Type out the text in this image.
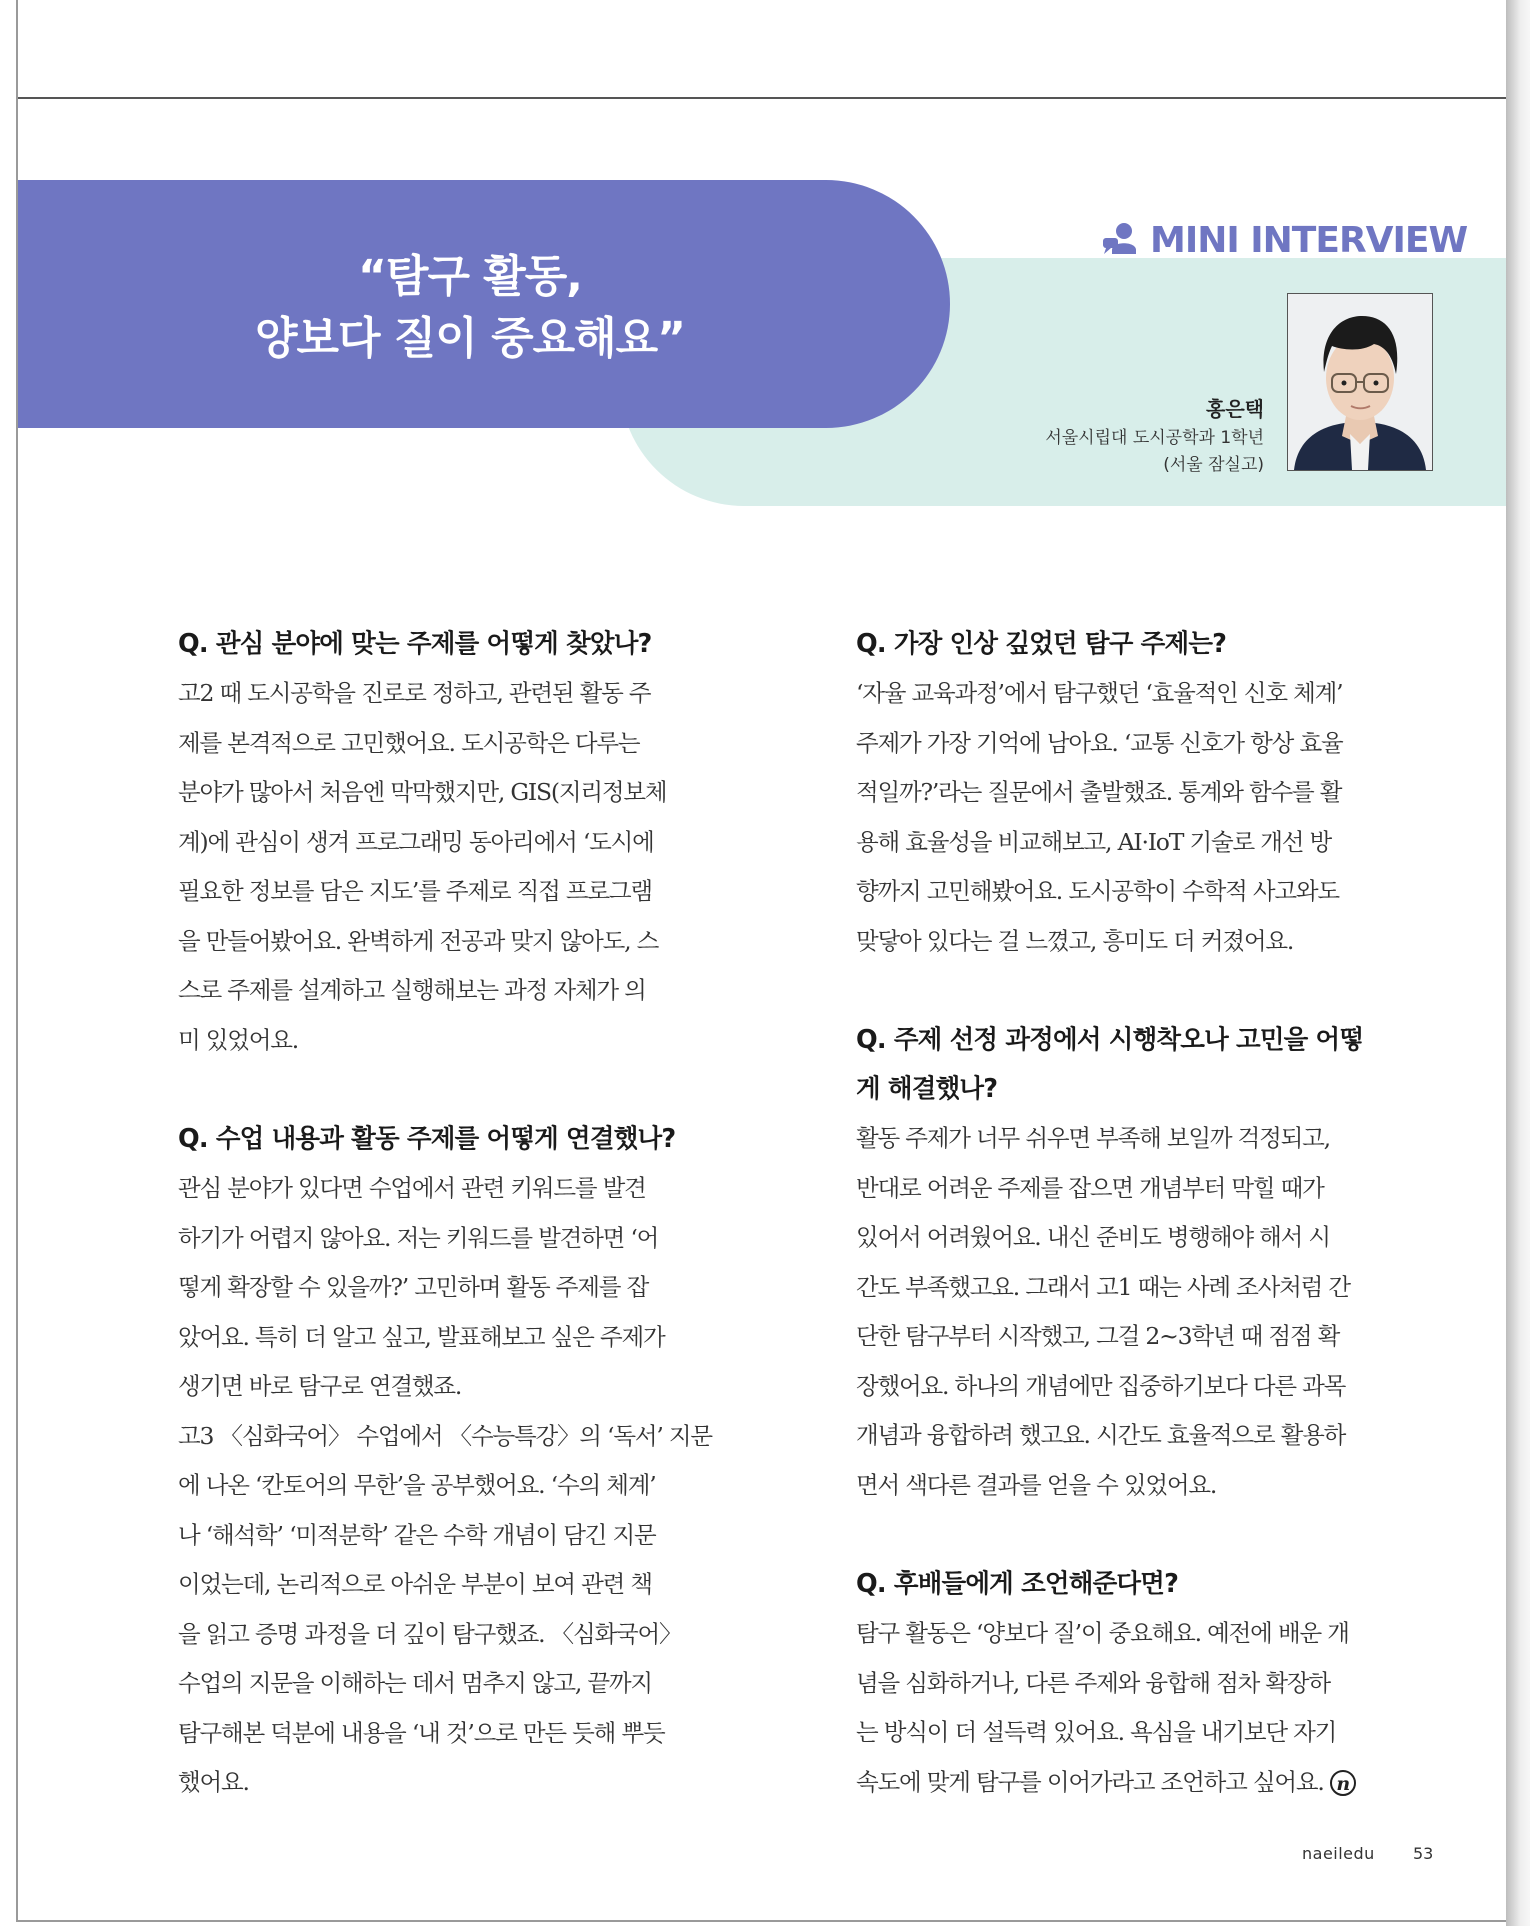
“탐구 활동,
양보다 질이 중요해요”
MINI INTERVIEW
홍은택
서울시립대 도시공학과 1학년
(서울 잠실고)
Q. 관심 분야에 맞는 주제를 어떻게 찾았나?
고2 때 도시공학을 진로로 정하고, 관련된 활동 주
제를 본격적으로 고민했어요. 도시공학은 다루는
분야가 많아서 처음엔 막막했지만, GIS(지리정보체
계)에 관심이 생겨 프로그래밍 동아리에서 ‘도시에
필요한 정보를 담은 지도’를 주제로 직접 프로그램
을 만들어봤어요. 완벽하게 전공과 맞지 않아도, 스
스로 주제를 설계하고 실행해보는 과정 자체가 의
미 있었어요.
Q. 수업 내용과 활동 주제를 어떻게 연결했나?
관심 분야가 있다면 수업에서 관련 키워드를 발견
하기가 어렵지 않아요. 저는 키워드를 발견하면 ‘어
떻게 확장할 수 있을까?’ 고민하며 활동 주제를 잡
았어요. 특히 더 알고 싶고, 발표해보고 싶은 주제가
생기면 바로 탐구로 연결했죠.
고3 〈심화국어〉 수업에서 〈수능특강〉의 ‘독서’ 지문
에 나온 ‘칸토어의 무한’을 공부했어요. ‘수의 체계’
나 ‘해석학’ ‘미적분학’ 같은 수학 개념이 담긴 지문
이었는데, 논리적으로 아쉬운 부분이 보여 관련 책
을 읽고 증명 과정을 더 깊이 탐구했죠. 〈심화국어〉
수업의 지문을 이해하는 데서 멈추지 않고, 끝까지
탐구해본 덕분에 내용을 ‘내 것’으로 만든 듯해 뿌듯
했어요.
Q. 가장 인상 깊었던 탐구 주제는?
‘자율 교육과정’에서 탐구했던 ‘효율적인 신호 체계’
주제가 가장 기억에 남아요. ‘교통 신호가 항상 효율
적일까?’라는 질문에서 출발했죠. 통계와 함수를 활
용해 효율성을 비교해보고, AI·IoT 기술로 개선 방
향까지 고민해봤어요. 도시공학이 수학적 사고와도
맞닿아 있다는 걸 느꼈고, 흥미도 더 커졌어요.
Q. 주제 선정 과정에서 시행착오나 고민을 어떻
게 해결했나?
활동 주제가 너무 쉬우면 부족해 보일까 걱정되고,
반대로 어려운 주제를 잡으면 개념부터 막힐 때가
있어서 어려웠어요. 내신 준비도 병행해야 해서 시
간도 부족했고요. 그래서 고1 때는 사례 조사처럼 간
단한 탐구부터 시작했고, 그걸 2~3학년 때 점점 확
장했어요. 하나의 개념에만 집중하기보다 다른 과목
개념과 융합하려 했고요. 시간도 효율적으로 활용하
면서 색다른 결과를 얻을 수 있었어요.
Q. 후배들에게 조언해준다면?
탐구 활동은 ‘양보다 질’이 중요해요. 예전에 배운 개
념을 심화하거나, 다른 주제와 융합해 점차 확장하
는 방식이 더 설득력 있어요. 욕심을 내기보단 자기
속도에 맞게 탐구를 이어가라고 조언하고 싶어요. n
naeiledu 53
